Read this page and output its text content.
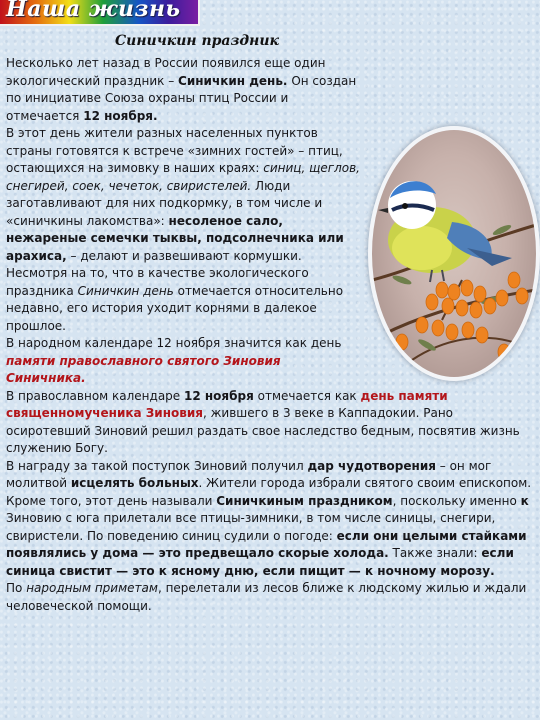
Наша жизнь
Синичкин праздник

Несколько лет назад в России появился еще один экологический праздник – Синичкин день. Он создан по инициативе Союза охраны птиц России и отмечается 12 ноября.

В этот день жители разных населенных пунктов страны готовятся к встрече «зимних гостей» – птиц, остающихся на зимовку в наших краях: синиц, щеглов, снегирей, соек, чечеток, свиристелей. Люди заготавливают для них подкормку, в том числе и «синичкины лакомства»: несоленое сало, нежареные семечки тыквы, подсолнечника или арахиса, – делают и развешивают кормушки.

Несмотря на то, что в качестве экологического праздника Синичкин день отмечается относительно недавно, его история уходит корнями в далекое прошлое.

В народном календаре 12 ноября значится как день памяти православного святого Зиновия Синичника.

В православном календаре 12 ноября отмечается как день памяти священномученика Зиновия, жившего в 3 веке в Каппадокии. Рано осиротевший Зиновий решил раздать свое наследство бедным, посвятив жизнь служению Богу.

В награду за такой поступок Зиновий получил дар чудотворения – он мог молитвой исцелять больных. Жители города избрали святого своим епископом.

Кроме того, этот день называли Синичкиным праздником, поскольку именно к Зиновию с юга прилетали все птицы-зимники, в том числе синицы, снегири, свиристели. По поведению синиц судили о погоде: если они целыми стайками появлялись у дома — это предвещало скорые холода. Также знали: если синица свистит — это к ясному дню, если пищит — к ночному морозу.

По народным приметам, перелетали из лесов ближе к людскому жилью и ждали человеческой помощи.
